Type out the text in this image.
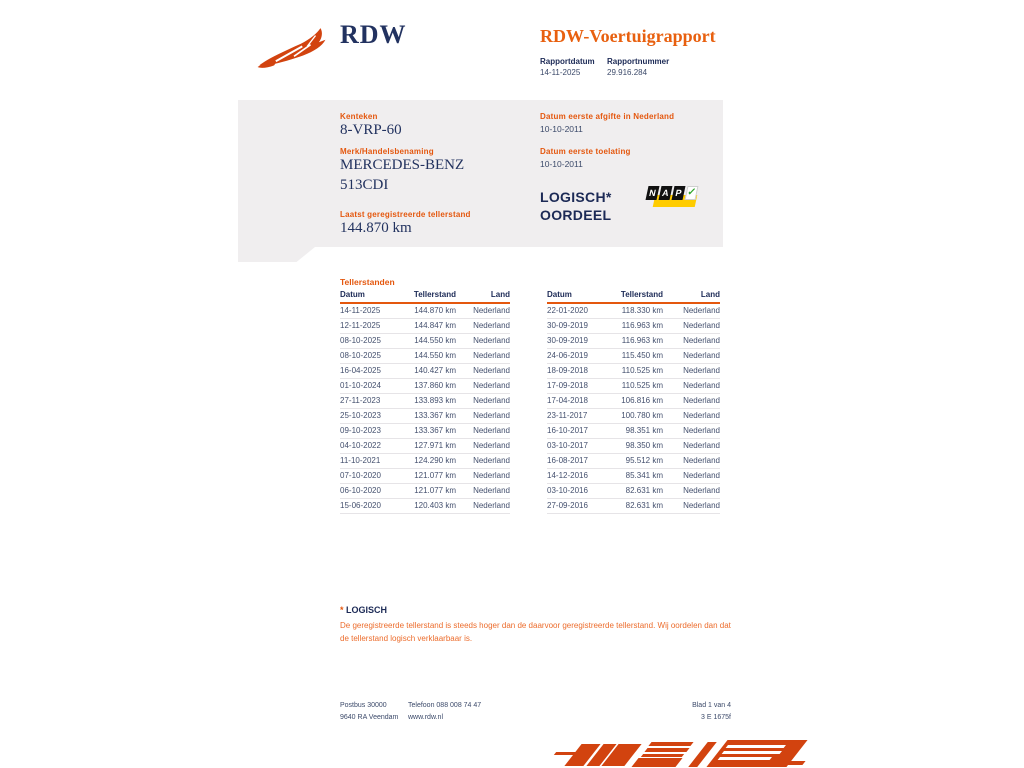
RDW	RDW-Voertuigrapport
Rapportdatum Rapportnummer
14-11-2025	29.916.284
Kenteken
8-VRP-60
Merk/Handelsbenaming
MERCEDES-BENZ
513CDI
Laatst geregistreerde tellerstand
144.870 km
Datum eerste afgifte in Nederland
10-10-2011
Datum eerste toelating
10-10-2011
LOGISCH*
OORDEEL
N A P ✓
Tellerstanden
Datum	Tellerstand	Land
14-11-2025	144.870 km	Nederland
12-11-2025	144.847 km	Nederland
08-10-2025	144.550 km	Nederland
08-10-2025	144.550 km	Nederland
16-04-2025	140.427 km	Nederland
01-10-2024	137.860 km	Nederland
27-11-2023	133.893 km	Nederland
25-10-2023	133.367 km	Nederland
09-10-2023	133.367 km	Nederland
04-10-2022	127.971 km	Nederland
11-10-2021	124.290 km	Nederland
07-10-2020	121.077 km	Nederland
06-10-2020	121.077 km	Nederland
15-06-2020	120.403 km	Nederland
Datum	Tellerstand	Land
22-01-2020	118.330 km	Nederland
30-09-2019	116.963 km	Nederland
30-09-2019	116.963 km	Nederland
24-06-2019	115.450 km	Nederland
18-09-2018	110.525 km	Nederland
17-09-2018	110.525 km	Nederland
17-04-2018	106.816 km	Nederland
23-11-2017	100.780 km	Nederland
16-10-2017	98.351 km	Nederland
03-10-2017	98.350 km	Nederland
16-08-2017	95.512 km	Nederland
14-12-2016	85.341 km	Nederland
03-10-2016	82.631 km	Nederland
27-09-2016	82.631 km	Nederland
* LOGISCH
De geregistreerde tellerstand is steeds hoger dan de daarvoor geregistreerde tellerstand. Wij oordelen dan dat de tellerstand logisch verklaarbaar is.
Postbus 30000
9640 RA Veendam
Telefoon 088 008 74 47
www.rdw.nl
Blad 1 van 4
3 E 1675f
